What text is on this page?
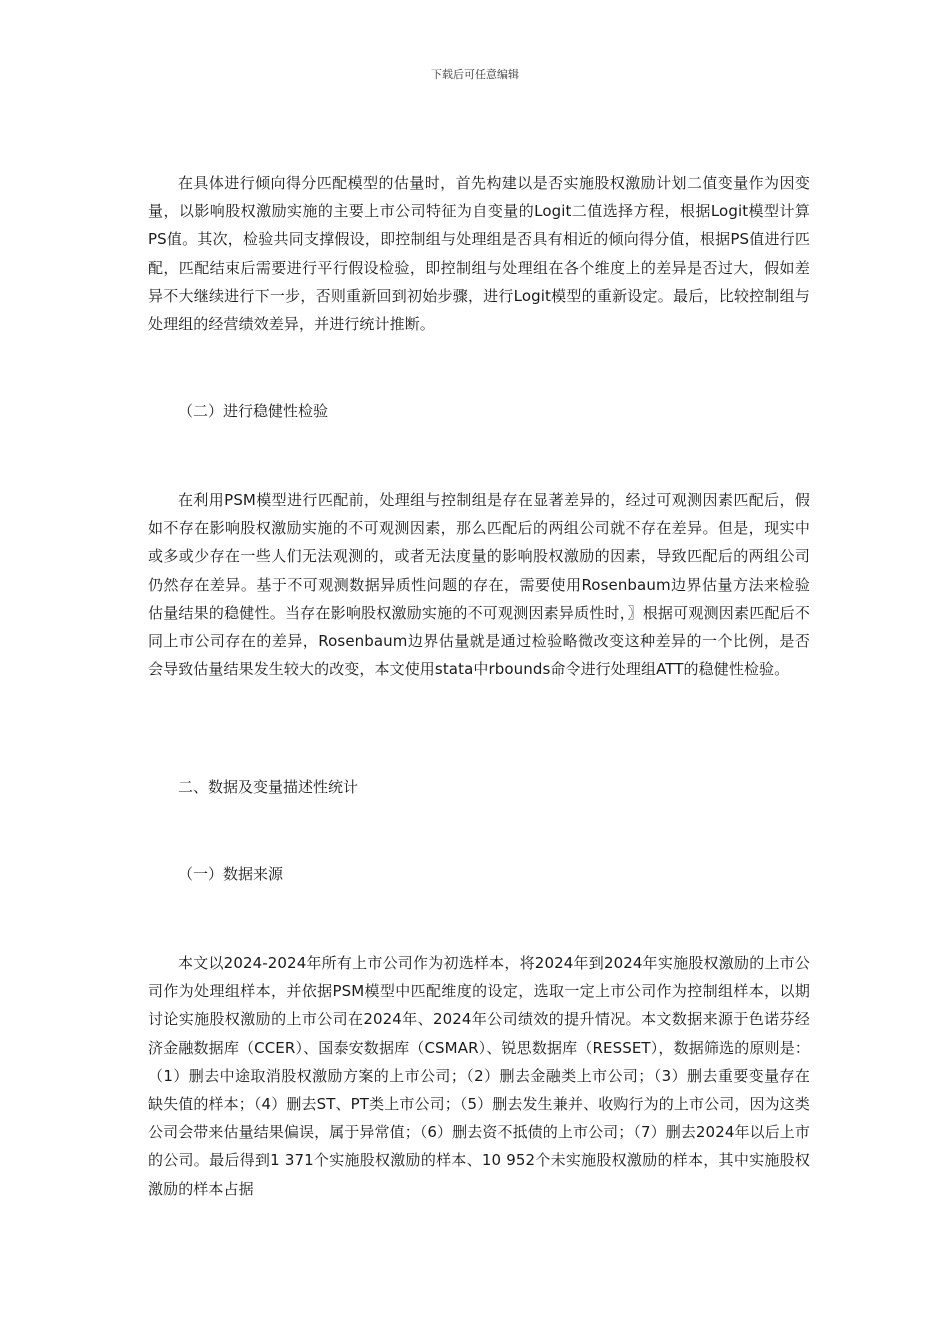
下载后可任意编辑

在具体进行倾向得分匹配模型的估量时，首先构建以是否实施股权激励计划二值变量作为因变量，以影响股权激励实施的主要上市公司特征为自变量的Logit二值选择方程，根据Logit模型计算PS值。其次，检验共同支撑假设，即控制组与处理组是否具有相近的倾向得分值，根据PS值进行匹配，匹配结束后需要进行平行假设检验，即控制组与处理组在各个维度上的差异是否过大，假如差异不大继续进行下一步，否则重新回到初始步骤，进行Logit模型的重新设定。最后，比较控制组与处理组的经营绩效差异，并进行统计推断。

（二）进行稳健性检验

在利用PSM模型进行匹配前，处理组与控制组是存在显著差异的，经过可观测因素匹配后，假如不存在影响股权激励实施的不可观测因素，那么匹配后的两组公司就不存在差异。但是，现实中或多或少存在一些人们无法观测的，或者无法度量的影响股权激励的因素，导致匹配后的两组公司仍然存在差异。基于不可观测数据异质性问题的存在，需要使用Rosenbaum边界估量方法来检验估量结果的稳健性。当存在影响股权激励实施的不可观测因素异质性时，〗根据可观测因素匹配后不同上市公司存在的差异，Rosenbaum边界估量就是通过检验略微改变这种差异的一个比例，是否会导致估量结果发生较大的改变，本文使用stata中rbounds命令进行处理组ATT的稳健性检验。

二、数据及变量描述性统计

（一）数据来源

本文以2024-2024年所有上市公司作为初选样本，将2024年到2024年实施股权激励的上市公司作为处理组样本，并依据PSM模型中匹配维度的设定，选取一定上市公司作为控制组样本，以期讨论实施股权激励的上市公司在2024年、2024年公司绩效的提升情况。本文数据来源于色诺芬经济金融数据库（CCER）、国泰安数据库（CSMAR）、锐思数据库（RESSET），数据筛选的原则是：（1）删去中途取消股权激励方案的上市公司；（2）删去金融类上市公司；（3）删去重要变量存在缺失值的样本；（4）删去ST、PT类上市公司；（5）删去发生兼并、收购行为的上市公司，因为这类公司会带来估量结果偏误，属于异常值；（6）删去资不抵债的上市公司；（7）删去2024年以后上市的公司。最后得到1 371个实施股权激励的样本、10 952个未实施股权激励的样本，其中实施股权激励的样本占据
